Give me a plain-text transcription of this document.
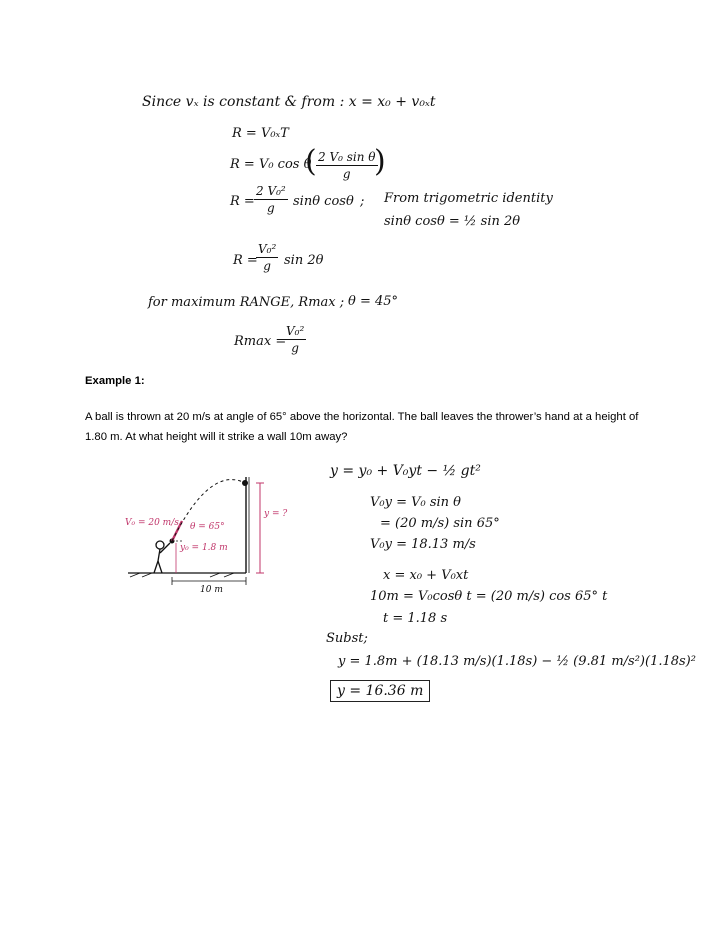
Since vₓ is constant & from : x = x₀ + v₀ₓt
R = V₀ₓT
R = V₀ cos θ
( $\frac{\text{2 V₀ sin θ}}{g}$
)
$R = \frac{\text{2 V₀²}}{g}$ sinθ cosθ ; From trigometric identity
sinθ cosθ = ½ sin 2θ
R =
$\frac{\text{V₀²}}{g}$ sin 2θ
for maximum RANGE, Rmax ; θ = 45°
Rmax =
$\frac{\text{V₀²}}{g}$
Example 1:
A ball is thrown at 20 m/s at angle of 65° above the horizontal. The ball leaves the thrower’s hand at a height of 1.80 m. At what height will it strike a wall 10m away?
V₀ = 20 m/s θ = 65°
y₀ = 1.8 m
y = ?
10 m
y = y₀ + V₀yt − ½ gt²
V₀y = V₀ sin θ
= (20 m/s) sin 65°
V₀y = 18.13 m/s
x = x₀ + V₀xt
10m = V₀cosθ t = (20 m/s) cos 65° t
t = 1.18 s
Subst;
y = 1.8m + (18.13 m/s)(1.18s) − ½ (9.81 m/s²)(1.18s)²
y = 16.36 m
